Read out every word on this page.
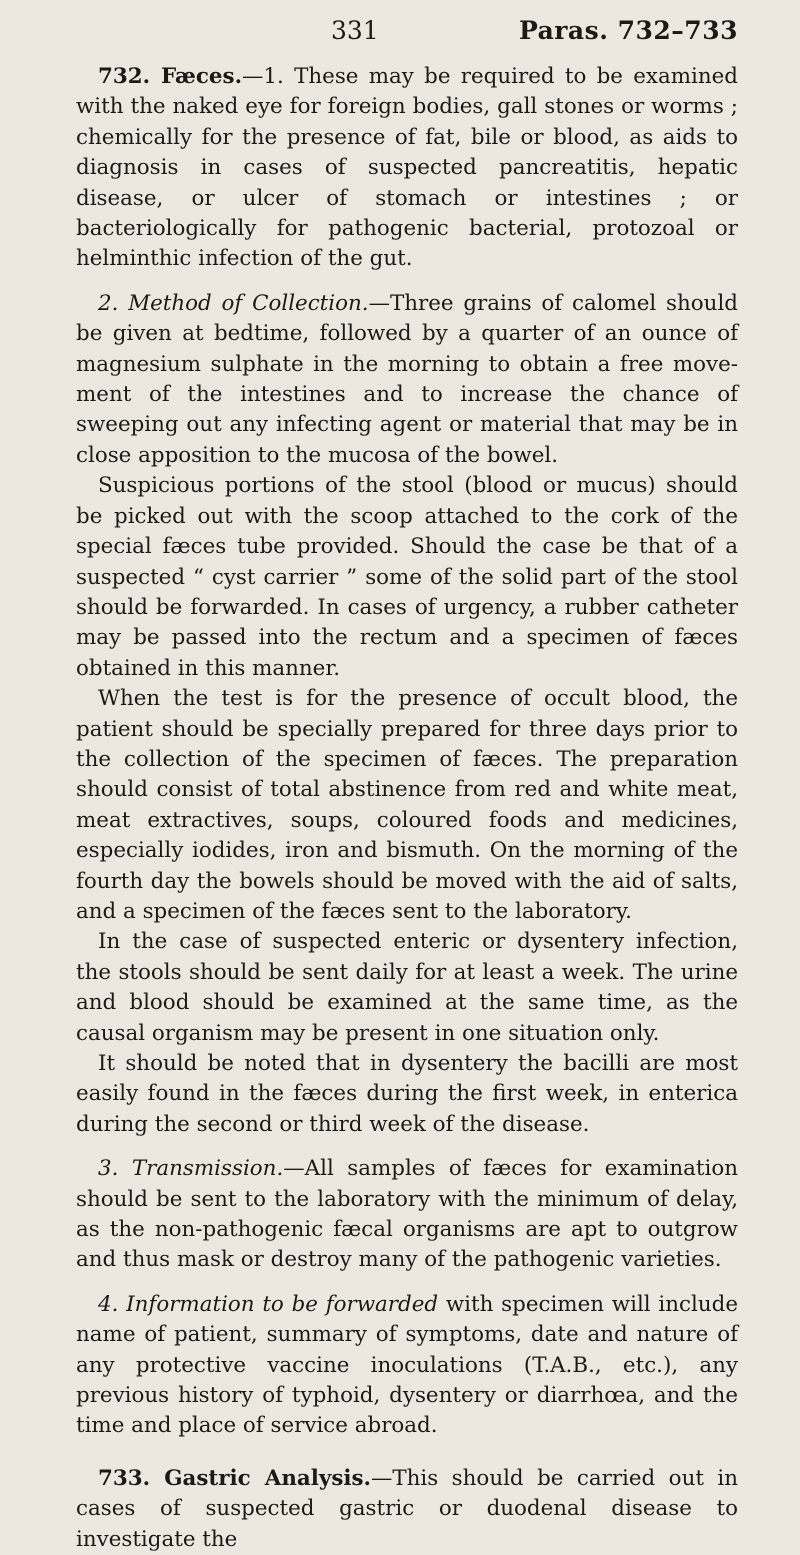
331	Paras. 732–733

732. Fæces.—1. These may be required to be examined with the naked eye for foreign bodies, gall stones or worms ; chemically for the presence of fat, bile or blood, as aids to diagnosis in cases of suspected pancreatitis, hepatic disease, or ulcer of stomach or intestines ; or bacteriologically for pathogenic bacterial, protozoal or helminthic infection of the gut.

2. Method of Collection.—Three grains of calomel should be given at bedtime, followed by a quarter of an ounce of magnesium sulphate in the morning to obtain a free move- ment of the intestines and to increase the chance of sweeping out any infecting agent or material that may be in close apposition to the mucosa of the bowel.

Suspicious portions of the stool (blood or mucus) should be picked out with the scoop attached to the cork of the special fæces tube provided. Should the case be that of a suspected “ cyst carrier ” some of the solid part of the stool should be forwarded. In cases of urgency, a rubber catheter may be passed into the rectum and a specimen of fæces obtained in this manner.

When the test is for the presence of occult blood, the patient should be specially prepared for three days prior to the collection of the specimen of fæces. The preparation should consist of total abstinence from red and white meat, meat extractives, soups, coloured foods and medicines, especially iodides, iron and bismuth. On the morning of the fourth day the bowels should be moved with the aid of salts, and a specimen of the fæces sent to the laboratory.

In the case of suspected enteric or dysentery infection, the stools should be sent daily for at least a week. The urine and blood should be examined at the same time, as the causal organism may be present in one situation only.

It should be noted that in dysentery the bacilli are most easily found in the fæces during the first week, in enterica during the second or third week of the disease.

3. Transmission.—All samples of fæces for examination should be sent to the laboratory with the minimum of delay, as the non-pathogenic fæcal organisms are apt to outgrow and thus mask or destroy many of the pathogenic varieties.

4. Information to be forwarded with specimen will include name of patient, summary of symptoms, date and nature of any protective vaccine inoculations (T.A.B., etc.), any previous history of typhoid, dysentery or diarrhœa, and the time and place of service abroad.

733. Gastric Analysis.—This should be carried out in cases of suspected gastric or duodenal disease to investigate the
